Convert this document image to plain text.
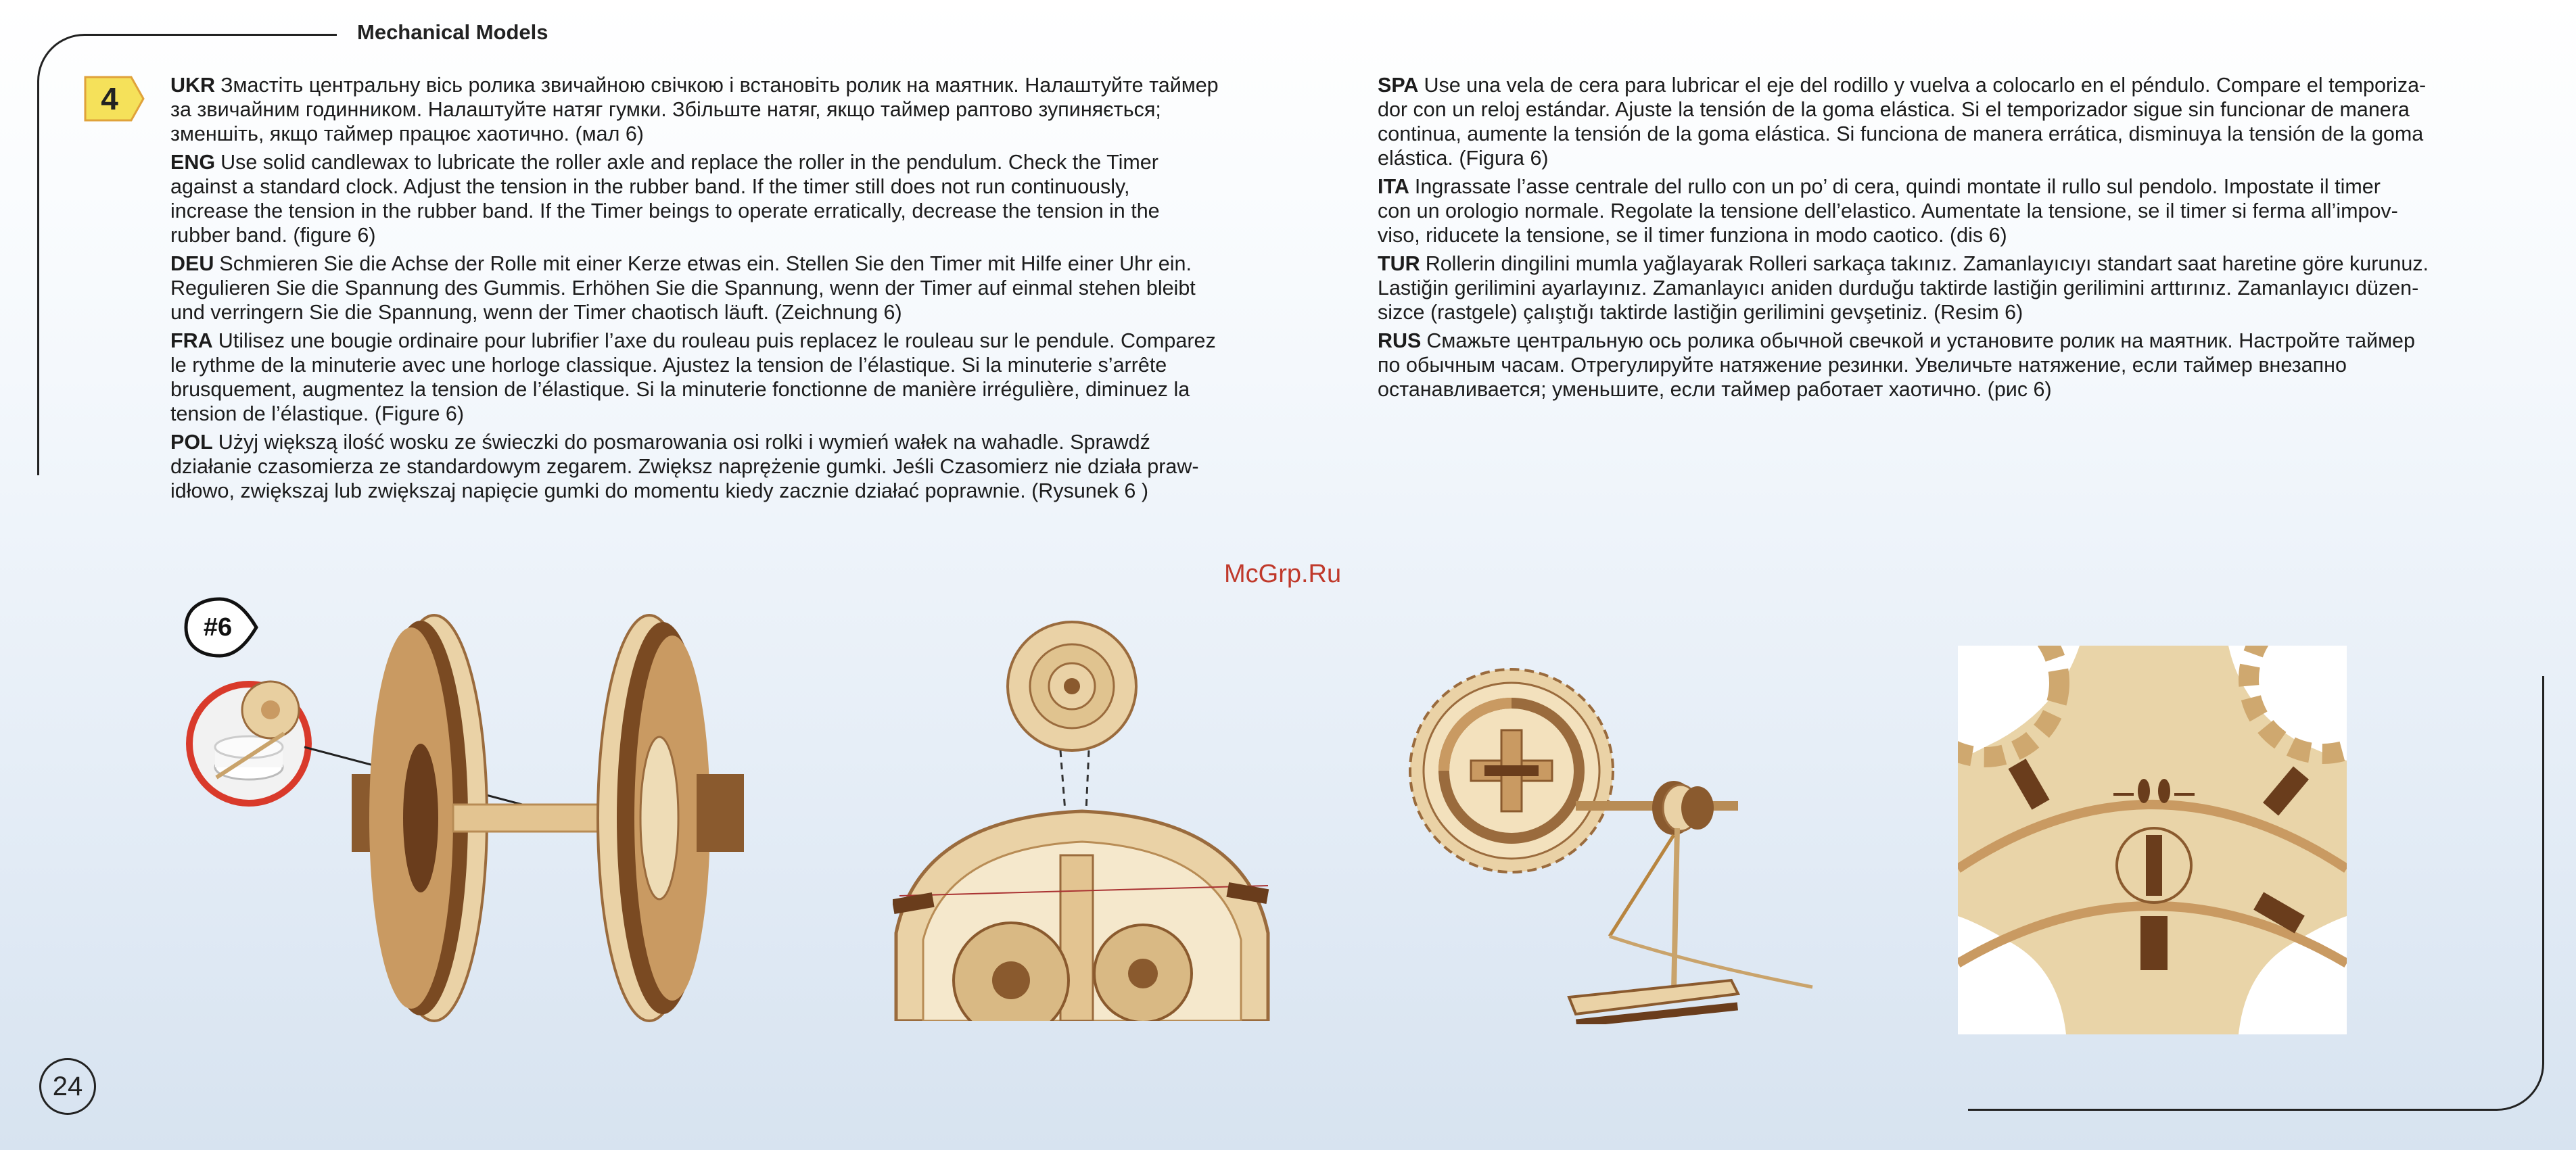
Mechanical Models
4	UKR Змастіть центральну вісь ролика звичайною свічкою і встановіть ролик на маятник. Налаштуйте таймер
за звичайним годинником. Налаштуйте натяг гумки. Збільште натяг, якщо таймер раптово зупиняється;
зменшіть, якщо таймер працює хаотично. (мал 6)
ENG Use solid candlewax to lubricate the roller axle and replace the roller in the pendulum. Check the Timer
against a standard clock. Adjust the tension in the rubber band. If the timer still does not run continuously,
increase the tension in the rubber band. If the Timer beings to operate erratically, decrease the tension in the
rubber band. (figure 6)
DEU Schmieren Sie die Achse der Rolle mit einer Kerze etwas ein. Stellen Sie den Timer mit Hilfe einer Uhr ein.
Regulieren Sie die Spannung des Gummis. Erhöhen Sie die Spannung, wenn der Timer auf einmal stehen bleibt
und verringern Sie die Spannung, wenn der Timer chaotisch läuft. (Zeichnung 6)
FRA Utilisez une bougie ordinaire pour lubrifier l’axe du rouleau puis replacez le rouleau sur le pendule. Comparez
le rythme de la minuterie avec une horloge classique. Ajustez la tension de l’élastique. Si la minuterie s’arrête
brusquement, augmentez la tension de l’élastique. Si la minuterie fonctionne de manière irrégulière, diminuez la
tension de l’élastique. (Figure 6)
POL Użyj większą ilość wosku ze świeczki do posmarowania osi rolki i wymień wałek na wahadle. Sprawdź
działanie czasomierza ze standardowym zegarem. Zwiększ naprężenie gumki. Jeśli Czasomierz nie działa praw-
idłowo, zwiększaj lub zwiększaj napięcie gumki do momentu kiedy zacznie działać poprawnie. (Rysunek 6 )
SPA Use una vela de cera para lubricar el eje del rodillo y vuelva a colocarlo en el péndulo. Compare el temporiza-
dor con un reloj estándar. Ajuste la tensión de la goma elástica. Si el temporizador sigue sin funcionar de manera
continua, aumente la tensión de la goma elástica. Si funciona de manera errática, disminuya la tensión de la goma
elástica. (Figura 6)
ITA Ingrassate l’asse centrale del rullo con un po’ di cera, quindi montate il rullo sul pendolo. Impostate il timer
con un orologio normale. Regolate la tensione dell’elastico. Aumentate la tensione, se il timer si ferma all’impov-
viso, riducete la tensione, se il timer funziona in modo caotico. (dis 6)
TUR Rollerin dingilini mumla yağlayarak Rolleri sarkaça takınız. Zamanlayıcıyı standart saat haretine göre kurunuz.
Lastiğin gerilimini ayarlayınız. Zamanlayıcı aniden durduğu taktirde lastiğin gerilimini arttırınız. Zamanlayıcı düzen-
sizce (rastgele) çalıştığı taktirde lastiğin gerilimini gevşetiniz. (Resim 6)
RUS Смажьте центральную ось ролика обычной свечкой и установите ролик на маятник. Настройте таймер
по обычным часам. Отрегулируйте натяжение резинки. Увеличьте натяжение, если таймер внезапно
останавливается; уменьшите, если таймер работает хаотично. (рис 6)
McGrp.Ru
#6
24
